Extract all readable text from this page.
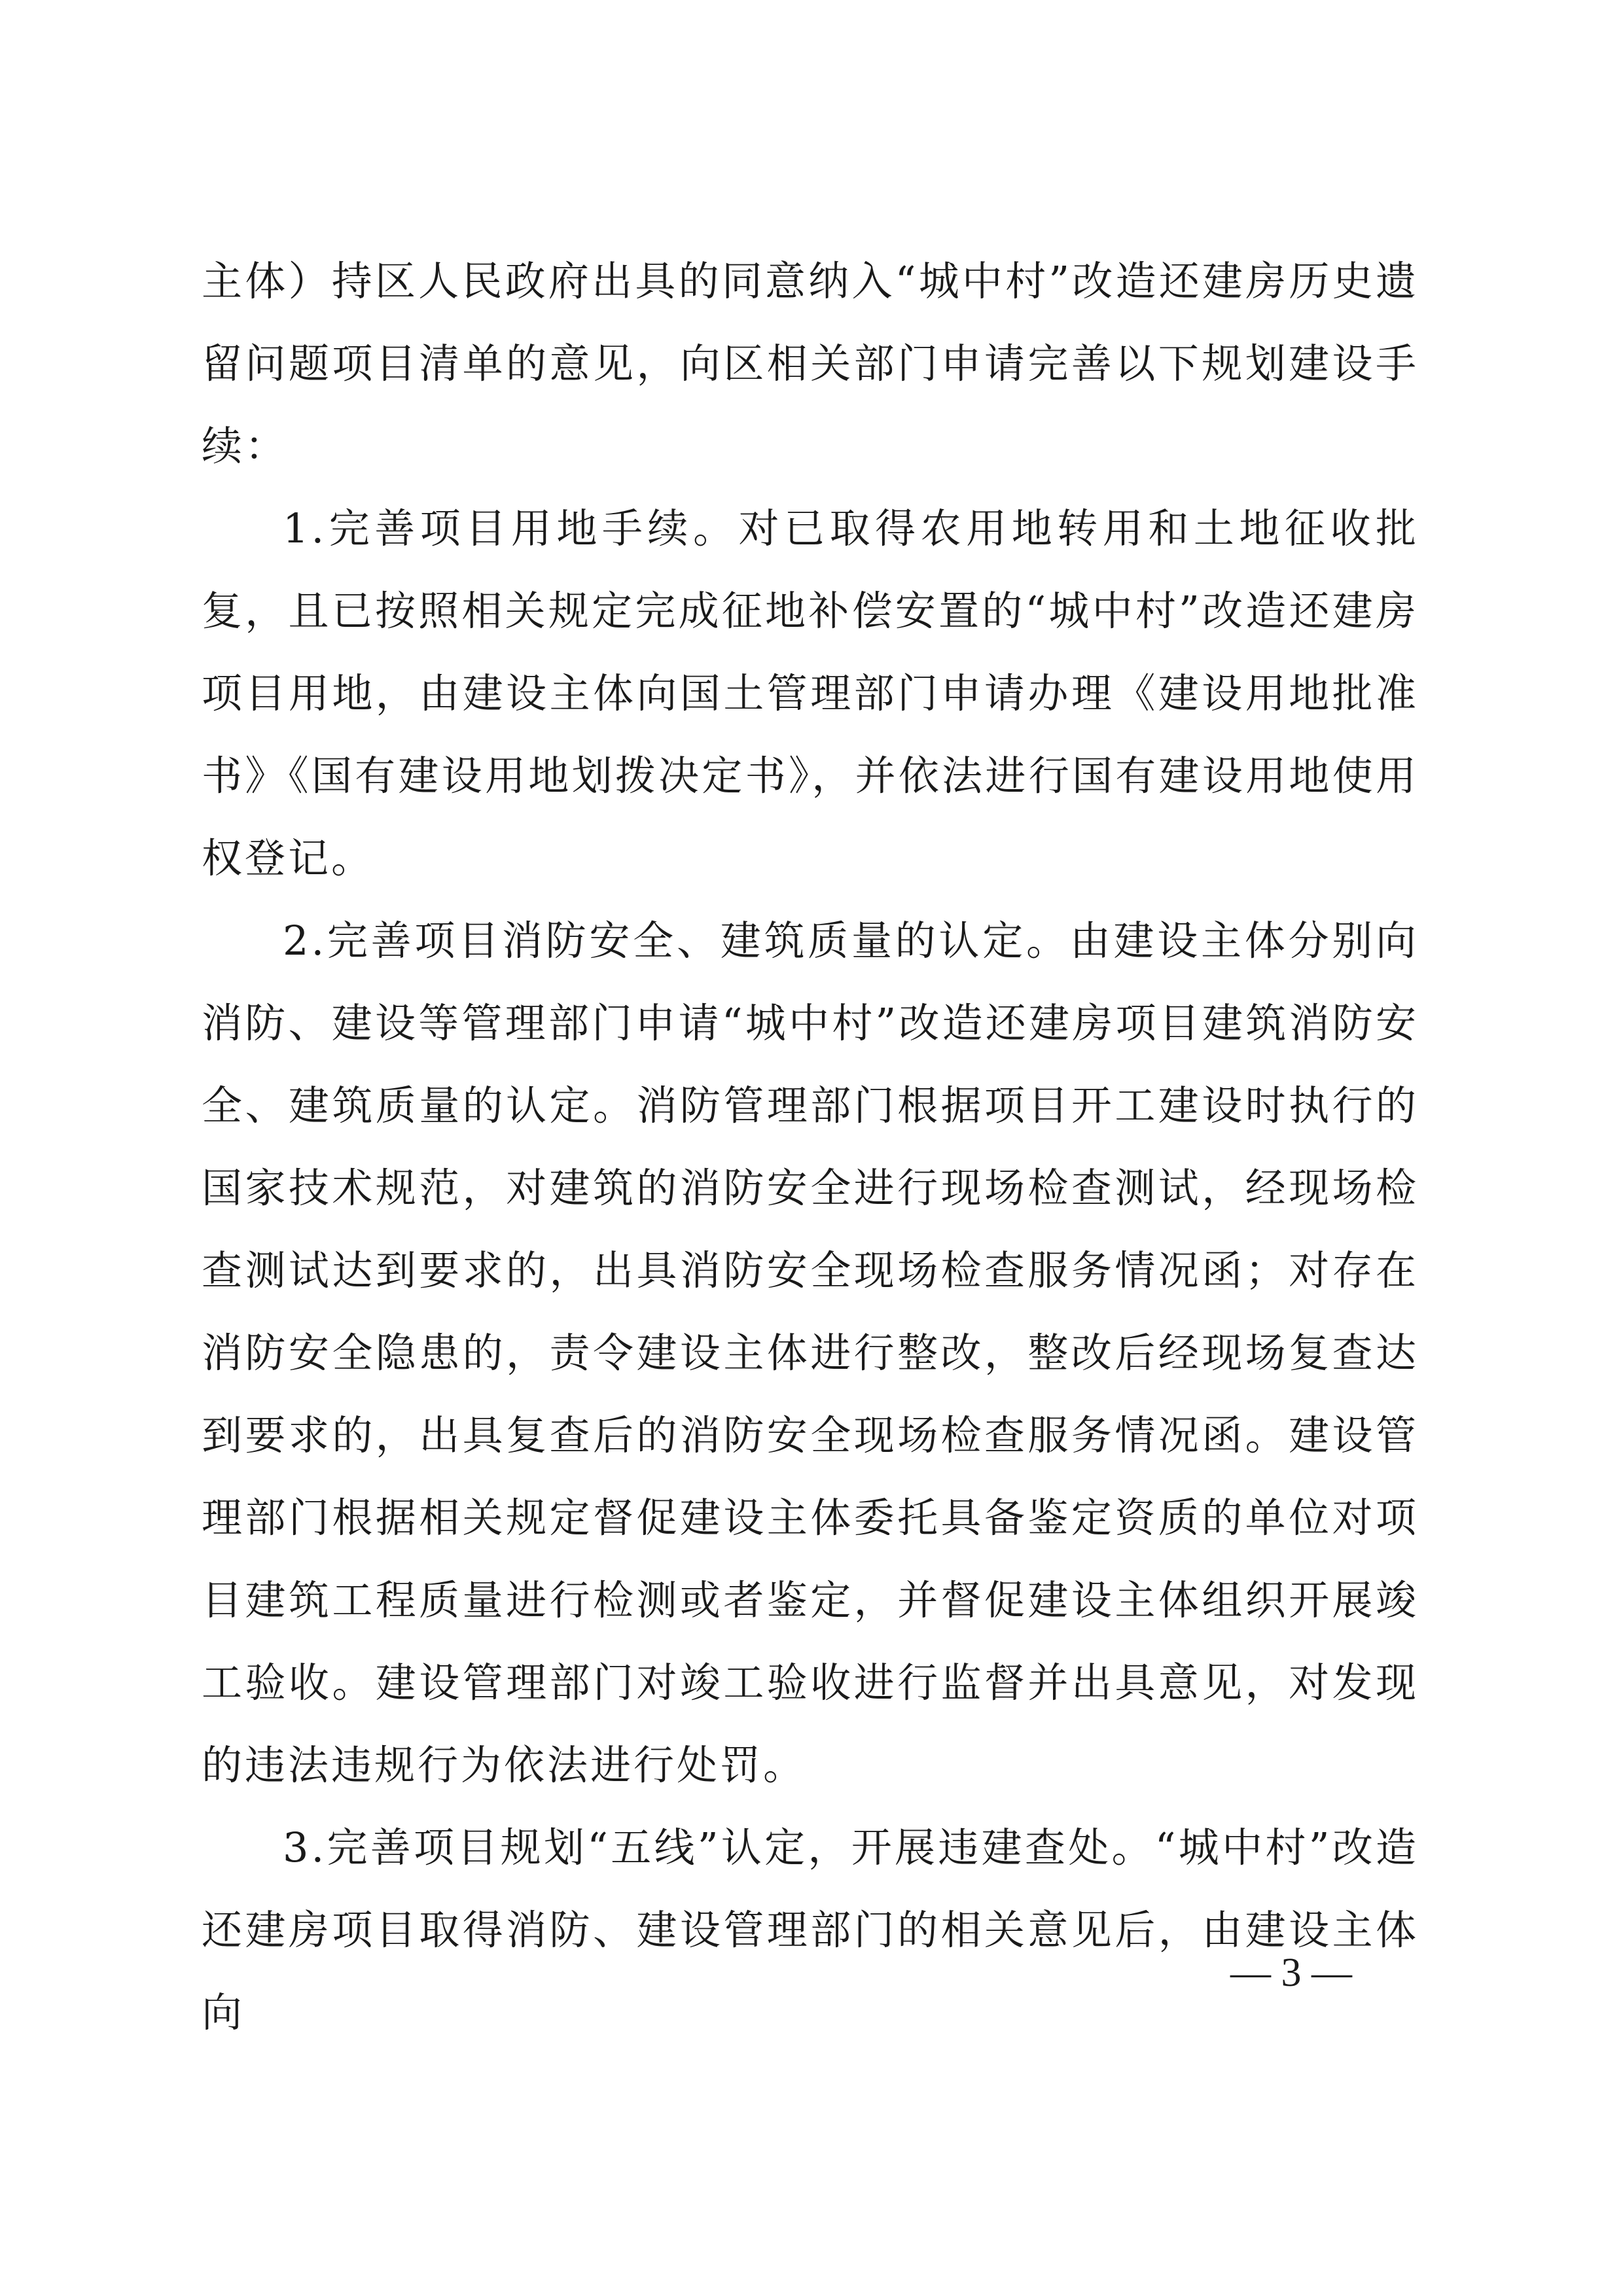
主体）持区人民政府出具的同意纳入“城中村”改造还建房历史遗留问题项目清单的意见，向区相关部门申请完善以下规划建设手续：

1.完善项目用地手续。对已取得农用地转用和土地征收批复，且已按照相关规定完成征地补偿安置的“城中村”改造还建房项目用地，由建设主体向国土管理部门申请办理《建设用地批准书》《国有建设用地划拨决定书》，并依法进行国有建设用地使用权登记。

2.完善项目消防安全、建筑质量的认定。由建设主体分别向消防、建设等管理部门申请“城中村”改造还建房项目建筑消防安全、建筑质量的认定。消防管理部门根据项目开工建设时执行的国家技术规范，对建筑的消防安全进行现场检查测试，经现场检查测试达到要求的，出具消防安全现场检查服务情况函；对存在消防安全隐患的，责令建设主体进行整改，整改后经现场复查达到要求的，出具复查后的消防安全现场检查服务情况函。建设管理部门根据相关规定督促建设主体委托具备鉴定资质的单位对项目建筑工程质量进行检测或者鉴定，并督促建设主体组织开展竣工验收。建设管理部门对竣工验收进行监督并出具意见，对发现的违法违规行为依法进行处罚。

3.完善项目规划“五线”认定，开展违建查处。“城中村”改造还建房项目取得消防、建设管理部门的相关意见后，由建设主体向

— 3 —
